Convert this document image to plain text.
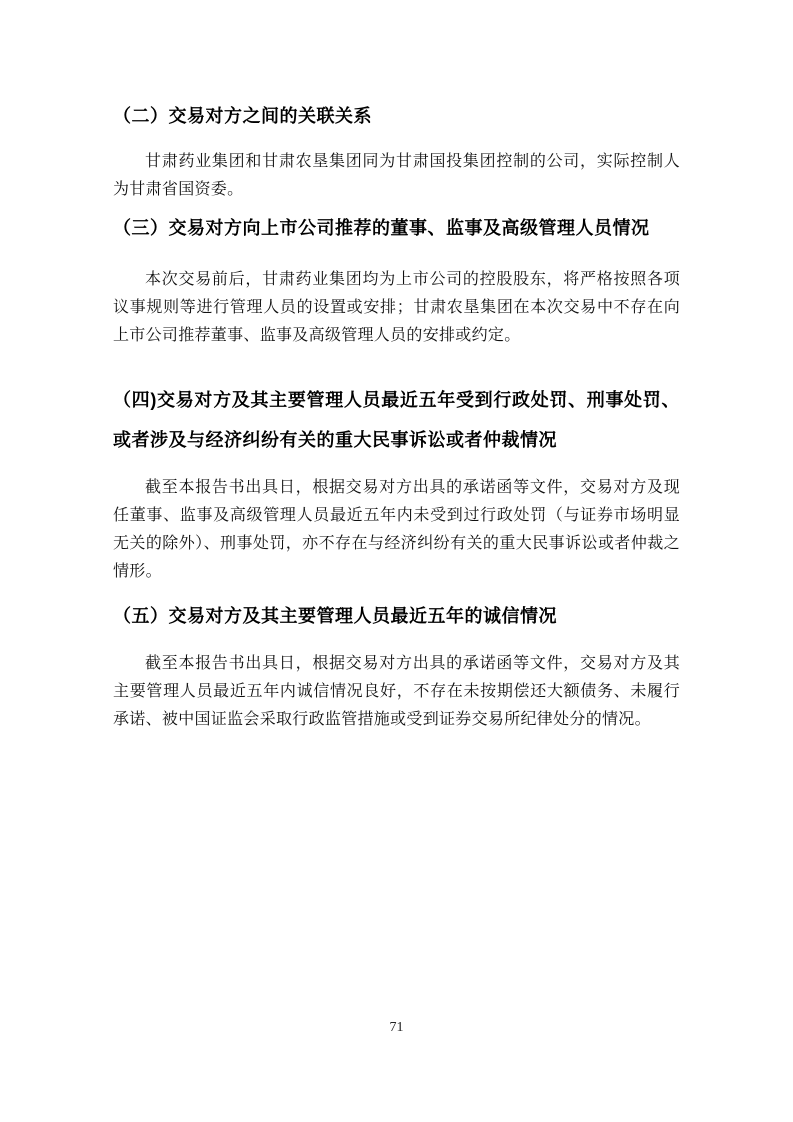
（二）交易对方之间的关联关系

甘肃药业集团和甘肃农垦集团同为甘肃国投集团控制的公司，实际控制人为甘肃省国资委。

（三）交易对方向上市公司推荐的董事、监事及高级管理人员情况

本次交易前后，甘肃药业集团均为上市公司的控股股东，将严格按照各项议事规则等进行管理人员的设置或安排；甘肃农垦集团在本次交易中不存在向上市公司推荐董事、监事及高级管理人员的安排或约定。

（四)交易对方及其主要管理人员最近五年受到行政处罚、刑事处罚、或者涉及与经济纠纷有关的重大民事诉讼或者仲裁情况

截至本报告书出具日，根据交易对方出具的承诺函等文件，交易对方及现任董事、监事及高级管理人员最近五年内未受到过行政处罚（与证券市场明显无关的除外）、刑事处罚，亦不存在与经济纠纷有关的重大民事诉讼或者仲裁之情形。

（五）交易对方及其主要管理人员最近五年的诚信情况

截至本报告书出具日，根据交易对方出具的承诺函等文件，交易对方及其主要管理人员最近五年内诚信情况良好，不存在未按期偿还大额债务、未履行承诺、被中国证监会采取行政监管措施或受到证券交易所纪律处分的情况。

71
